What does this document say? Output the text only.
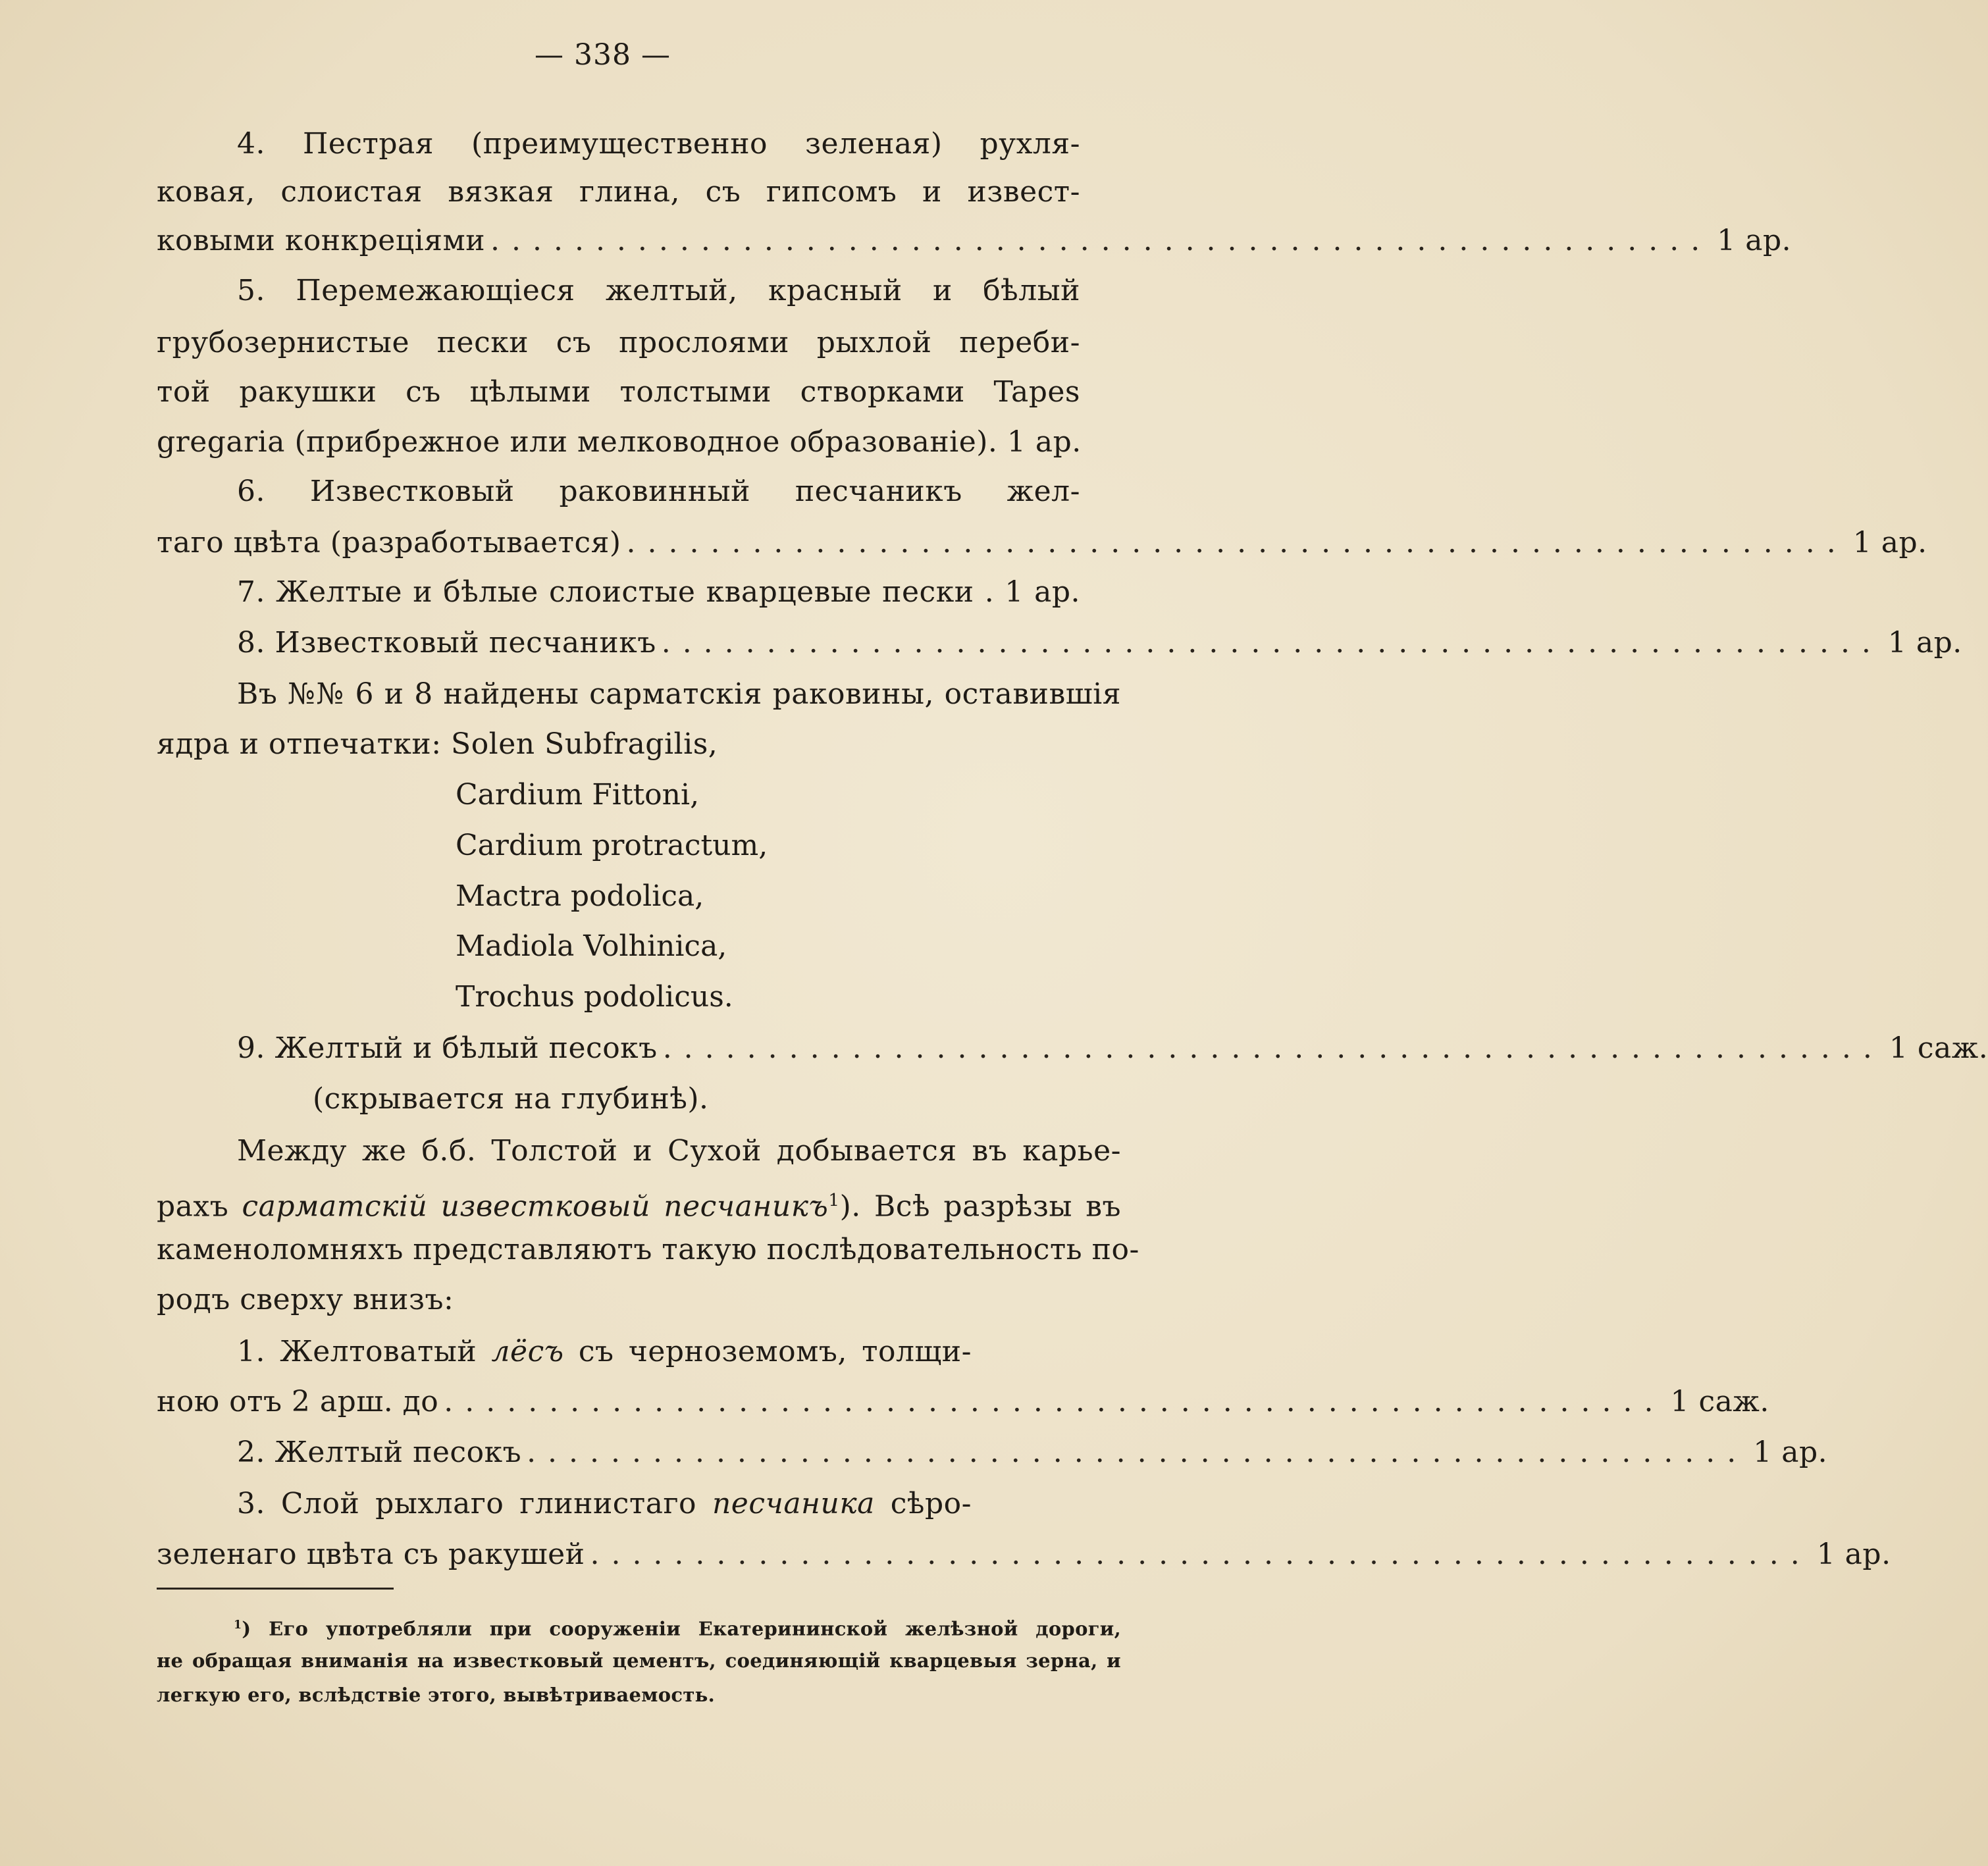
— 338 —
4. Пестрая (преимущественно зеленая) рухля-
ковая, слоистая вязкая глина, съ гипсомъ и извест-
ковыми конкреціями .......................................................... 1 ар.
5. Перемежающіеся желтый, красный и бѣлый
грубозернистые пески съ прослоями рыхлой переби-
той ракушки съ цѣлыми толстыми створками Tapes
gregaria (прибрежное или мелководное образованіе). 1 ар.
6. Известковый раковинный песчаникъ жел-
таго цвѣта (разработывается) .......................................................... 1 ар.
7. Желтые и бѣлые слоистые кварцевые пески . 1 ар.
8. Известковый песчаникъ .......................................................... 1 ар.
Въ №№ 6 и 8 найдены сарматскія раковины, оставившія
ядра и отпечатки: Solen Subfragilis,
Cardium Fittoni,
Cardium protractum,
Mactra podolica,
Madiola Volhinica,
Trochus podolicus.
9. Желтый и бѣлый песокъ .......................................................... 1 саж.
(скрывается на глубинѣ).
Между же б.б. Толстой и Сухой добывается въ карье-
рахъ сарматскій известковый песчаникъ$^1$). Всѣ разрѣзы въ
каменоломняхъ представляютъ такую послѣдовательность по-
родъ сверху внизъ:
1. Желтоватый лёсъ съ черноземомъ, толщи-
ною отъ 2 арш. до .......................................................... 1 саж.
2. Желтый песокъ .......................................................... 1 ар.
3. Слой рыхлаго глинистаго песчаника сѣро-
зеленаго цвѣта съ ракушей .......................................................... 1 ар.
$^1$) Его употребляли при сооруженіи Екатерининской желѣзной дороги,
не обращая вниманія на известковый цементъ, соединяющій кварцевыя зерна, и
легкую его, вслѣдствіе этого, вывѣтриваемость.
